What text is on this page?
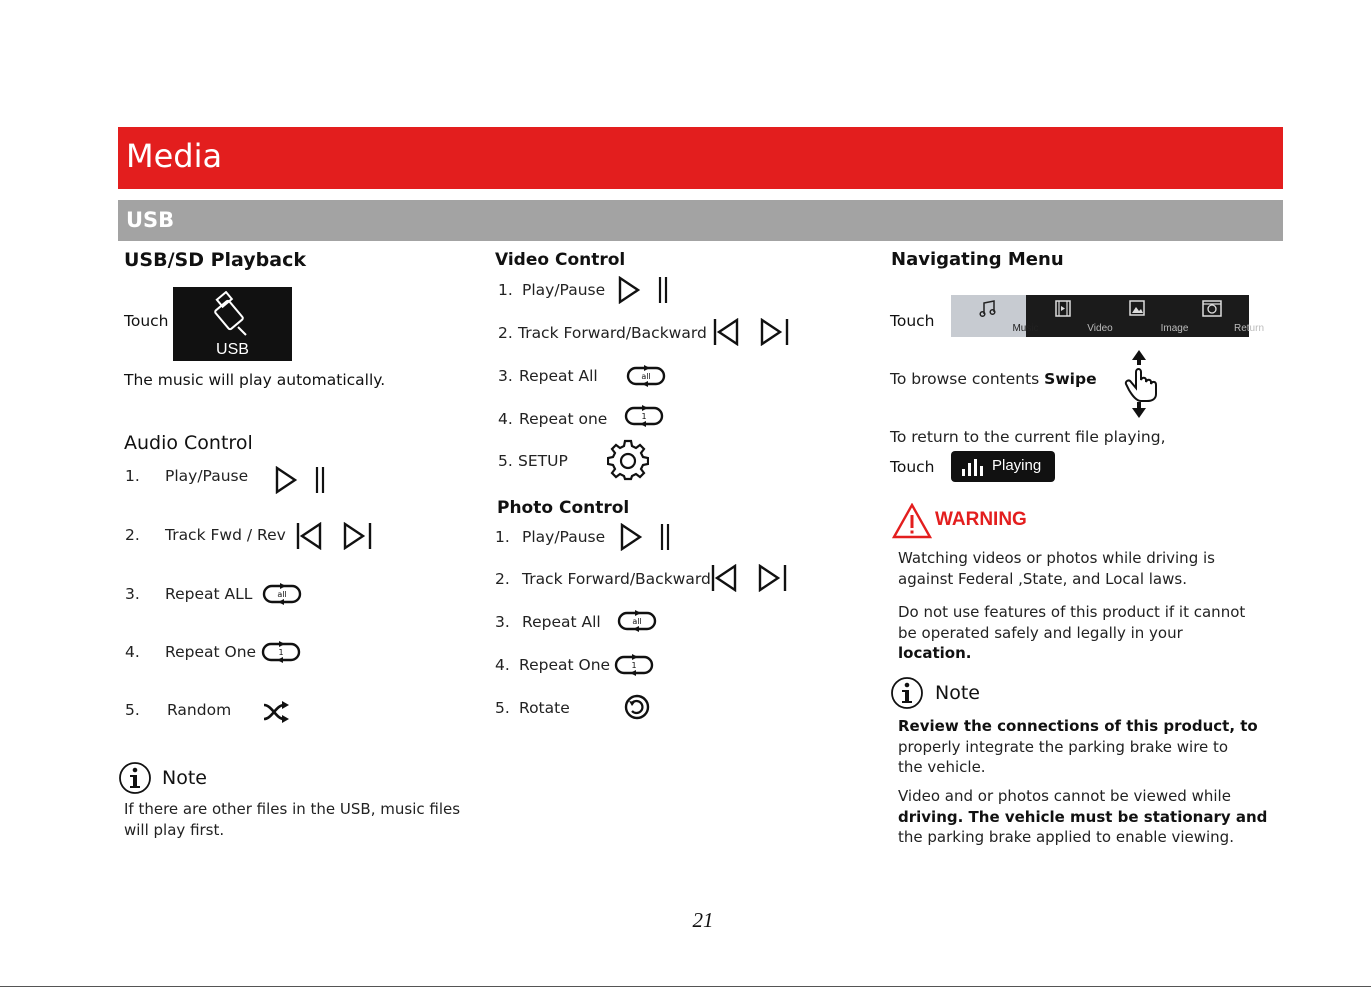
Media
USB
USB/SD Playback
Touch
USB
The music will play automatically.
Audio Control
1. Play/Pause
2. Track Fwd / Rev
3. Repeat ALL	all
4. Repeat One	1
5. Random
Note
If there are other files in the USB, music files
will play first.
Video Control
1. Play/Pause
2. Track Forward/Backward
3. Repeat All	all
4. Repeat one	1
5. SETUP
Photo Control
1. Play/Pause
2. Track Forward/Backward
3. Repeat All	all
4. Repeat One	1
5. Rotate
Navigating Menu
Touch	Music	Video	Image	Return
To browse contents Swipe
To return to the current file playing,
Touch	Playing
WARNING
Watching videos or photos while driving is
against Federal ,State, and Local laws.
Do not use features of this product if it cannot
be operated safely and legally in your
location.
Note
Review the connections of this product, to
properly integrate the parking brake wire to
the vehicle.
Video and or photos cannot be viewed while
driving. The vehicle must be stationary and
the parking brake applied to enable viewing.
21
